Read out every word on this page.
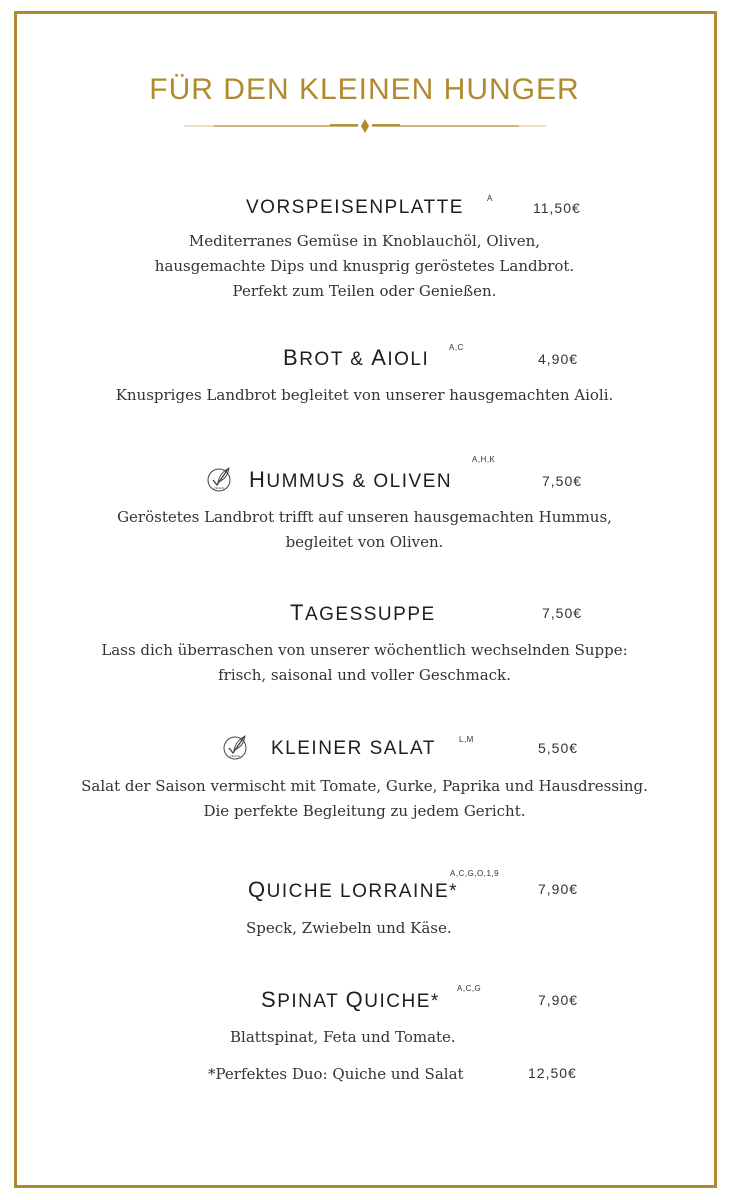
FÜR DEN KLEINEN HUNGER
VORSPEISENPLATTE	A
11,50€
Mediterranes Gemüse in Knoblauchöl, Oliven,
hausgemachte Dips und knusprig geröstetes Landbrot.
Perfekt zum Teilen oder Genießen.
BROT & AIOLI
A,C
4,90€
Knuspriges Landbrot begleitet von unserer hausgemachten Aioli.
VEGAN HUMMUS & OLIVEN
A,H,K
7,50€
Geröstetes Landbrot trifft auf unseren hausgemachten Hummus,
begleitet von Oliven.
TAGESSUPPE	7,50€
Lass dich überraschen von unserer wöchentlich wechselnden Suppe:
frisch, saisonal und voller Geschmack.
VEGAN KLEINER SALAT	L,M
5,50€
Salat der Saison vermischt mit Tomate, Gurke, Paprika und Hausdressing.
Die perfekte Begleitung zu jedem Gericht.
QUICHE LORRAINE*
A,C,G,O,1,9
7,90€
Speck, Zwiebeln und Käse.
SPINAT QUICHE*
A,C,G
7,90€
Blattspinat, Feta und Tomate.
*Perfektes Duo: Quiche und Salat	12,50€
